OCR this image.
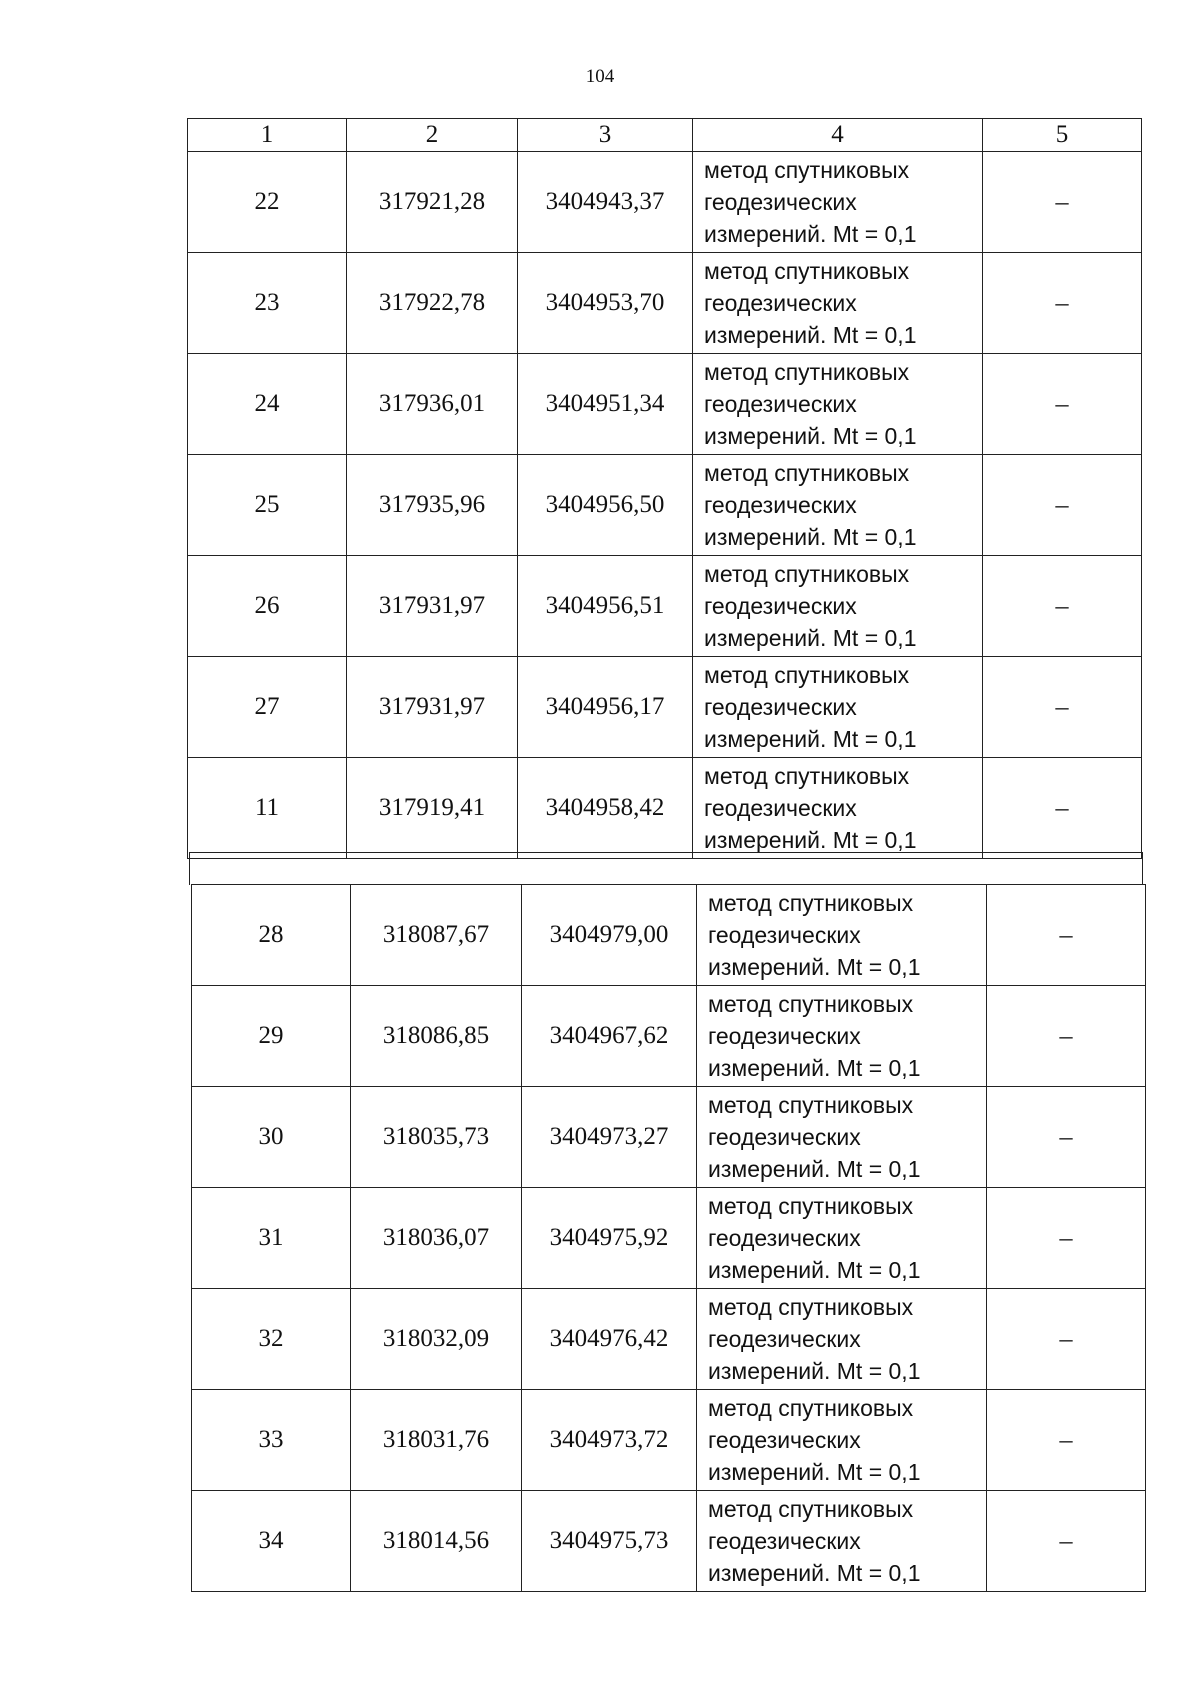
104
1	2	3	4	5
22	317921,28	3404943,37	метод спутниковых
геодезических
измерений. Mt = 0,1	–
23	317922,78	3404953,70	метод спутниковых
геодезических
измерений. Mt = 0,1	–
24	317936,01	3404951,34	метод спутниковых
геодезических
измерений. Mt = 0,1	–
25	317935,96	3404956,50	метод спутниковых
геодезических
измерений. Mt = 0,1	–
26	317931,97	3404956,51	метод спутниковых
геодезических
измерений. Mt = 0,1	–
27	317931,97	3404956,17	метод спутниковых
геодезических
измерений. Mt = 0,1	–
11	317919,41	3404958,42	метод спутниковых
геодезических
измерений. Mt = 0,1	–
28	318087,67	3404979,00	метод спутниковых
геодезических
измерений. Mt = 0,1	–
29	318086,85	3404967,62	метод спутниковых
геодезических
измерений. Mt = 0,1	–
30	318035,73	3404973,27	метод спутниковых
геодезических
измерений. Mt = 0,1	–
31	318036,07	3404975,92	метод спутниковых
геодезических
измерений. Mt = 0,1	–
32	318032,09	3404976,42	метод спутниковых
геодезических
измерений. Mt = 0,1	–
33	318031,76	3404973,72	метод спутниковых
геодезических
измерений. Mt = 0,1	–
34	318014,56	3404975,73	метод спутниковых
геодезических
измерений. Mt = 0,1	–
